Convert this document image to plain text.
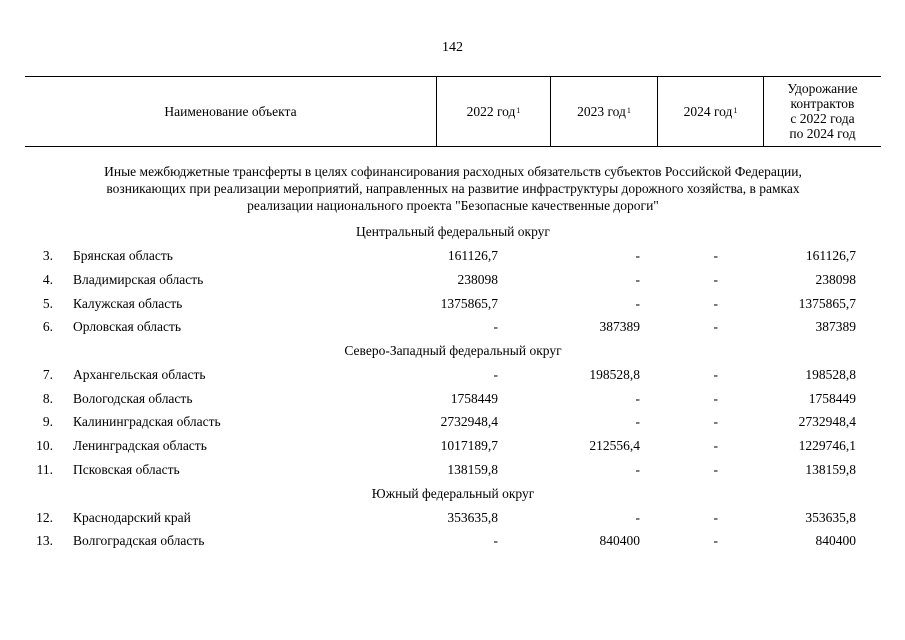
142
Наименование объекта	2022 год 1	2023 год 1	2024 год 1
Удорожание
контрактов
с 2022 года
по 2024 год
Иные межбюджетные трансферты в целях софинансирования расходных обязательств субъектов Российской Федерации,
возникающих при реализации мероприятий, направленных на развитие инфраструктуры дорожного хозяйства, в рамках
реализации национального проекта "Безопасные качественные дороги"
Центральный федеральный округ
3. Брянская область	161126,7	-	-	161126,7
4. Владимирская область	238098	-	-	238098
5. Калужская область	1375865,7	-	-	1375865,7
6. Орловская область	-	387389	-	387389
Северо-Западный федеральный округ
7. Архангельская область	-	198528,8	-	198528,8
8. Вологодская область	1758449	-	-	1758449
9. Калининградская область	2732948,4	-	-	2732948,4
10. Ленинградская область	1017189,7	212556,4	-	1229746,1
11. Псковская область	138159,8	-	-	138159,8
Южный федеральный округ
12. Краснодарский край	353635,8	-	-	353635,8
13. Волгоградская область	-	840400	-	840400
